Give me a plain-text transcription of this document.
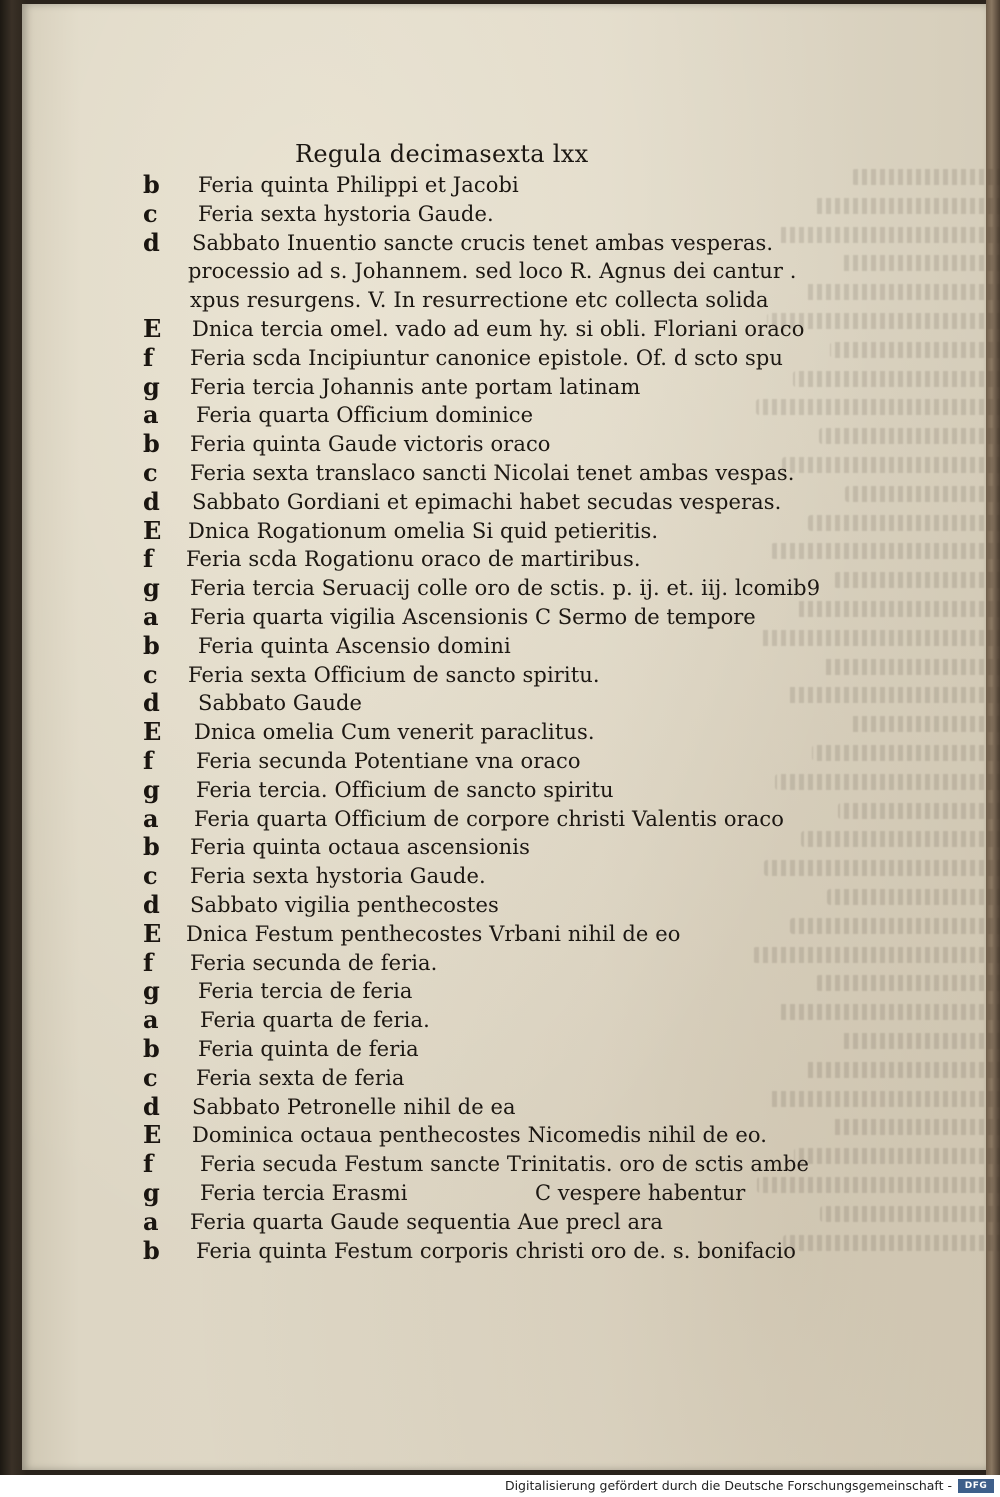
Regula decimasexta lxx
b	Feria quinta Philippi et Jacobi
c	Feria sexta hystoria Gaude.
d	Sabbato Inuentio sancte crucis tenet ambas vesperas.
processio ad s. Johannem. sed loco R. Agnus dei cantur .
xpus resurgens. V. In resurrectione etc collecta solida
E	Dnica tercia omel. vado ad eum hy. si obli. Floriani oraco
f	Feria scda Incipiuntur canonice epistole. Of. d scto spu
g	Feria tercia Johannis ante portam latinam
a	Feria quarta Officium dominice
b	Feria quinta Gaude victoris oraco
c	Feria sexta translaco sancti Nicolai tenet ambas vespas.
d	Sabbato Gordiani et epimachi habet secudas vesperas.
E	Dnica Rogationum omelia Si quid petieritis.
f	Feria scda Rogationu oraco de martiribus.
g	Feria tercia Seruacij colle oro de sctis. p. ij. et. iij. lcomib9
a	Feria quarta vigilia Ascensionis C Sermo de tempore
b	Feria quinta Ascensio domini
c	Feria sexta Officium de sancto spiritu.
d	Sabbato Gaude
E	Dnica omelia Cum venerit paraclitus.
f	Feria secunda Potentiane vna oraco
g	Feria tercia. Officium de sancto spiritu
a	Feria quarta Officium de corpore christi Valentis oraco
b	Feria quinta octaua ascensionis
c	Feria sexta hystoria Gaude.
d	Sabbato vigilia penthecostes
E	Dnica Festum penthecostes Vrbani nihil de eo
f	Feria secunda de feria.
g	Feria tercia de feria
a	Feria quarta de feria.
b	Feria quinta de feria
c	Feria sexta de feria
d	Sabbato Petronelle nihil de ea
E	Dominica octaua penthecostes Nicomedis nihil de eo.
f	Feria secuda Festum sancte Trinitatis. oro de sctis ambe
g	Feria tercia Erasmi	C vespere habentur
a	Feria quarta Gaude sequentia Aue precl ara
b	Feria quinta Festum corporis christi oro de. s. bonifacio
Digitalisierung gefördert durch die Deutsche Forschungsgemeinschaft -	DFG
